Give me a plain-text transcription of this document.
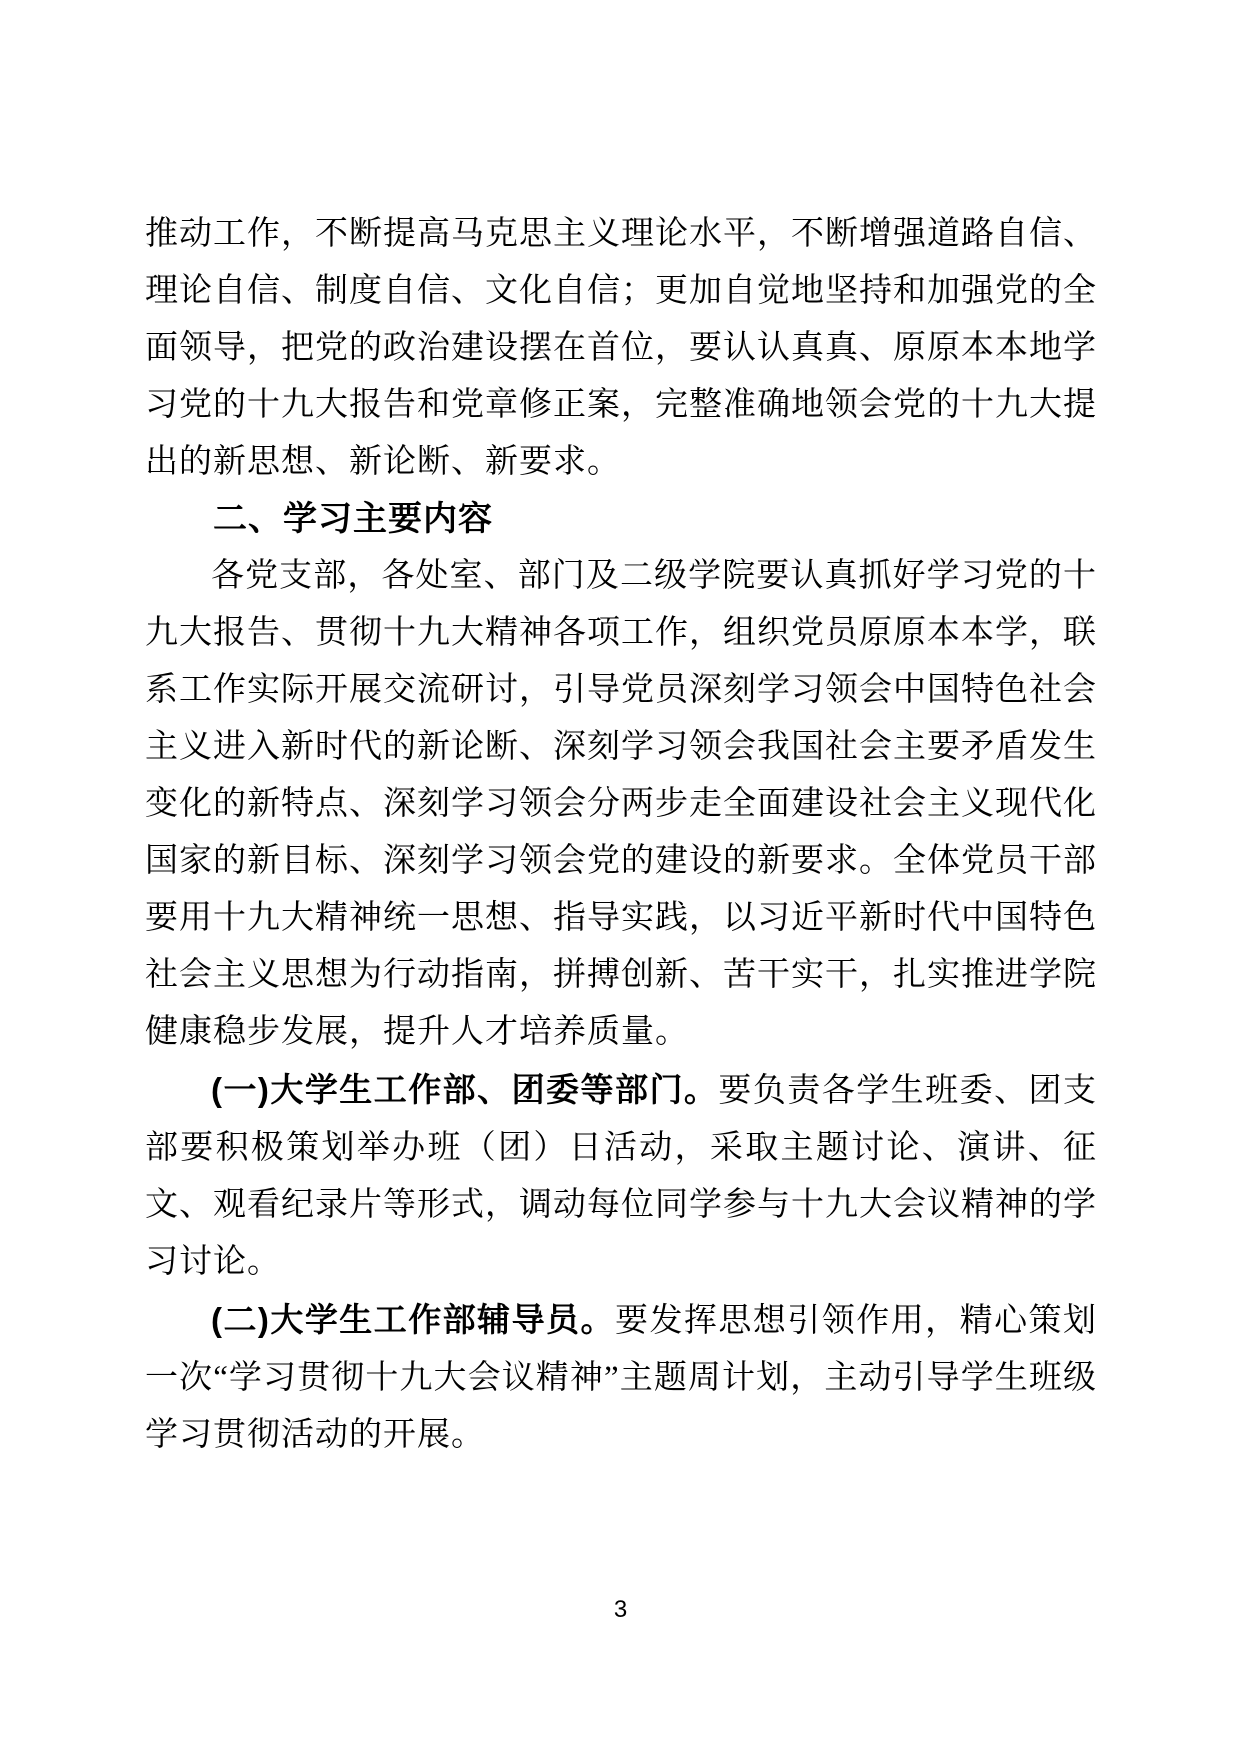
推动工作，不断提高马克思主义理论水平，不断增强道路自信、理论自信、制度自信、文化自信；更加自觉地坚持和加强党的全面领导，把党的政治建设摆在首位，要认认真真、原原本本地学习党的十九大报告和党章修正案，完整准确地领会党的十九大提出的新思想、新论断、新要求。

二、学习主要内容

各党支部，各处室、部门及二级学院要认真抓好学习党的十九大报告、贯彻十九大精神各项工作，组织党员原原本本学，联系工作实际开展交流研讨，引导党员深刻学习领会中国特色社会主义进入新时代的新论断、深刻学习领会我国社会主要矛盾发生变化的新特点、深刻学习领会分两步走全面建设社会主义现代化国家的新目标、深刻学习领会党的建设的新要求。全体党员干部要用十九大精神统一思想、指导实践，以习近平新时代中国特色社会主义思想为行动指南，拼搏创新、苦干实干，扎实推进学院健康稳步发展，提升人才培养质量。

(一)大学生工作部、团委等部门。要负责各学生班委、团支部要积极策划举办班（团）日活动，采取主题讨论、演讲、征文、观看纪录片等形式，调动每位同学参与十九大会议精神的学习讨论。

(二)大学生工作部辅导员。要发挥思想引领作用，精心策划一次“学习贯彻十九大会议精神”主题周计划，主动引导学生班级学习贯彻活动的开展。

3
